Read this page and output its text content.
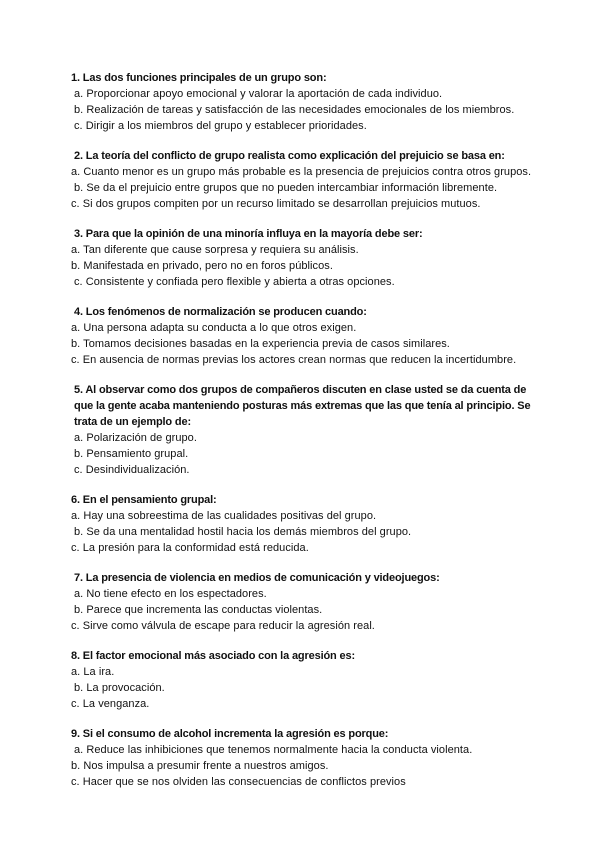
1. Las dos funciones principales de un grupo son:

a. Proporcionar apoyo emocional y valorar la aportación de cada individuo.

b. Realización de tareas y satisfacción de las necesidades emocionales de los miembros.

c. Dirigir a los miembros del grupo y establecer prioridades.

2. La teoría del conflicto de grupo realista como explicación del prejuicio se basa en:

a. Cuanto menor es un grupo más probable es la presencia de prejuicios contra otros grupos.

b. Se da el prejuicio entre grupos que no pueden intercambiar información libremente.

c. Si dos grupos compiten por un recurso limitado se desarrollan prejuicios mutuos.

3. Para que la opinión de una minoría influya en la mayoría debe ser:

a. Tan diferente que cause sorpresa y requiera su análisis.

b. Manifestada en privado, pero no en foros públicos.

c. Consistente y confiada pero flexible y abierta a otras opciones.

4. Los fenómenos de normalización se producen cuando:

a. Una persona adapta su conducta a lo que otros exigen.

b. Tomamos decisiones basadas en la experiencia previa de casos similares.

c. En ausencia de normas previas los actores crean normas que reducen la incertidumbre.

5. Al observar como dos grupos de compañeros discuten en clase usted se da cuenta de que la gente acaba manteniendo posturas más extremas que las que tenía al principio. Se trata de un ejemplo de:

a. Polarización de grupo.

b. Pensamiento grupal.

c. Desindividualización.

6. En el pensamiento grupal:

a. Hay una sobreestima de las cualidades positivas del grupo.

b. Se da una mentalidad hostil hacia los demás miembros del grupo.

c. La presión para la conformidad está reducida.

7. La presencia de violencia en medios de comunicación y videojuegos:

a. No tiene efecto en los espectadores.

b. Parece que incrementa las conductas violentas.

c. Sirve como válvula de escape para reducir la agresión real.

8. El factor emocional más asociado con la agresión es:

a. La ira.

b. La provocación.

c. La venganza.

9. Si el consumo de alcohol incrementa la agresión es porque:

a. Reduce las inhibiciones que tenemos normalmente hacia la conducta violenta.

b. Nos impulsa a presumir frente a nuestros amigos.

c. Hacer que se nos olviden las consecuencias de conflictos previos
